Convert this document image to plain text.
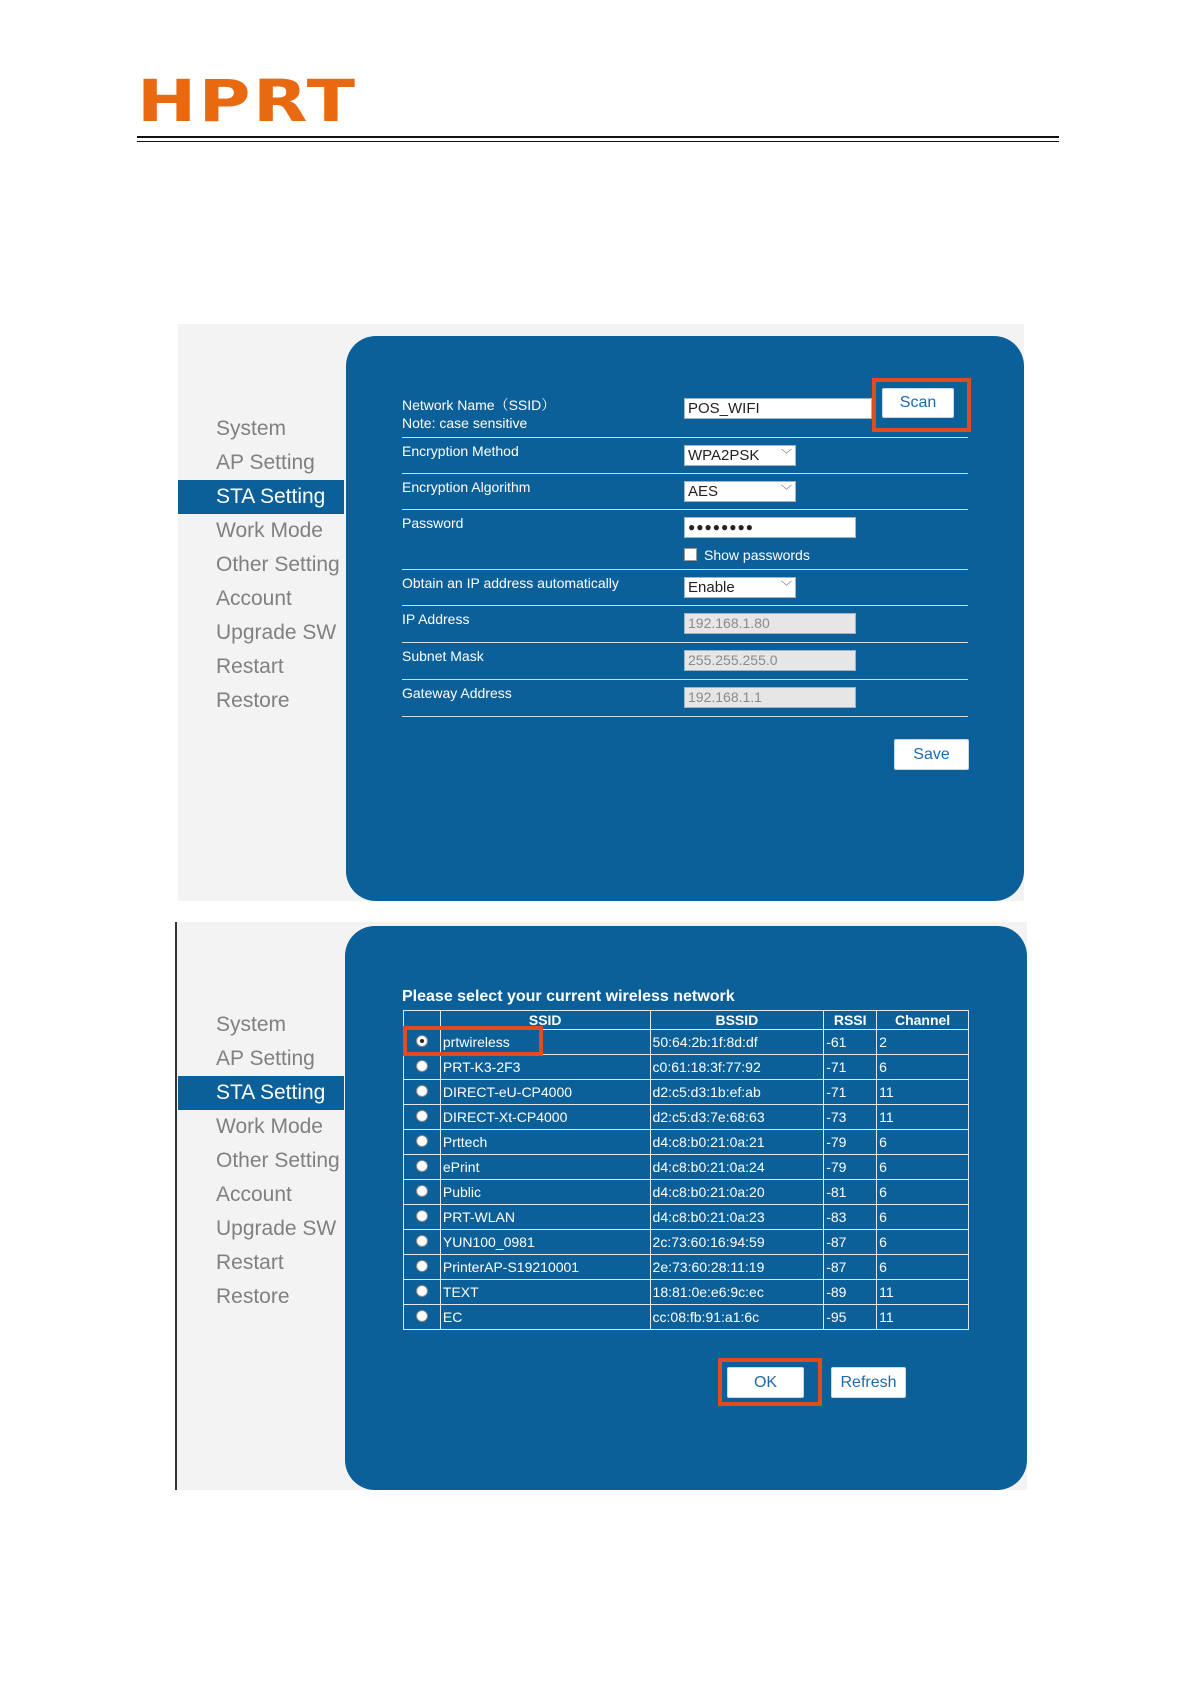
HPRT
System
AP Setting
STA Setting
Work Mode
Other Setting
Account
Upgrade SW
Restart
Restore
Network Name（SSID）
Note: case sensitive
POS_WIFI	Scan
Encryption Method	WPA2PSK ﹀
Encryption Algorithm	AES	﹀
Password	●●●●●●●●
Show passwords
Obtain an IP address automatically	Enable	﹀
IP Address	192.168.1.80
Subnet Mask	255.255.255.0
Gateway Address	192.168.1.1
Save
System
AP Setting
STA Setting
Work Mode
Other Setting
Account
Upgrade SW
Restart
Restore
Please select your current wireless network
	SSID	BSSID	RSSI	Channel
	prtwireless	50:64:2b:1f:8d:df	-61	2
	PRT-K3-2F3	c0:61:18:3f:77:92	-71	6
	DIRECT-eU-CP4000	d2:c5:d3:1b:ef:ab	-71	11
	DIRECT-Xt-CP4000	d2:c5:d3:7e:68:63	-73	11
	Prttech	d4:c8:b0:21:0a:21	-79	6
	ePrint	d4:c8:b0:21:0a:24	-79	6
	Public	d4:c8:b0:21:0a:20	-81	6
	PRT-WLAN	d4:c8:b0:21:0a:23	-83	6
	YUN100_0981	2c:73:60:16:94:59	-87	6
	PrinterAP-S19210001	2e:73:60:28:11:19	-87	6
	TEXT	18:81:0e:e6:9c:ec	-89	11
	EC	cc:08:fb:91:a1:6c	-95	11
OK	Refresh
